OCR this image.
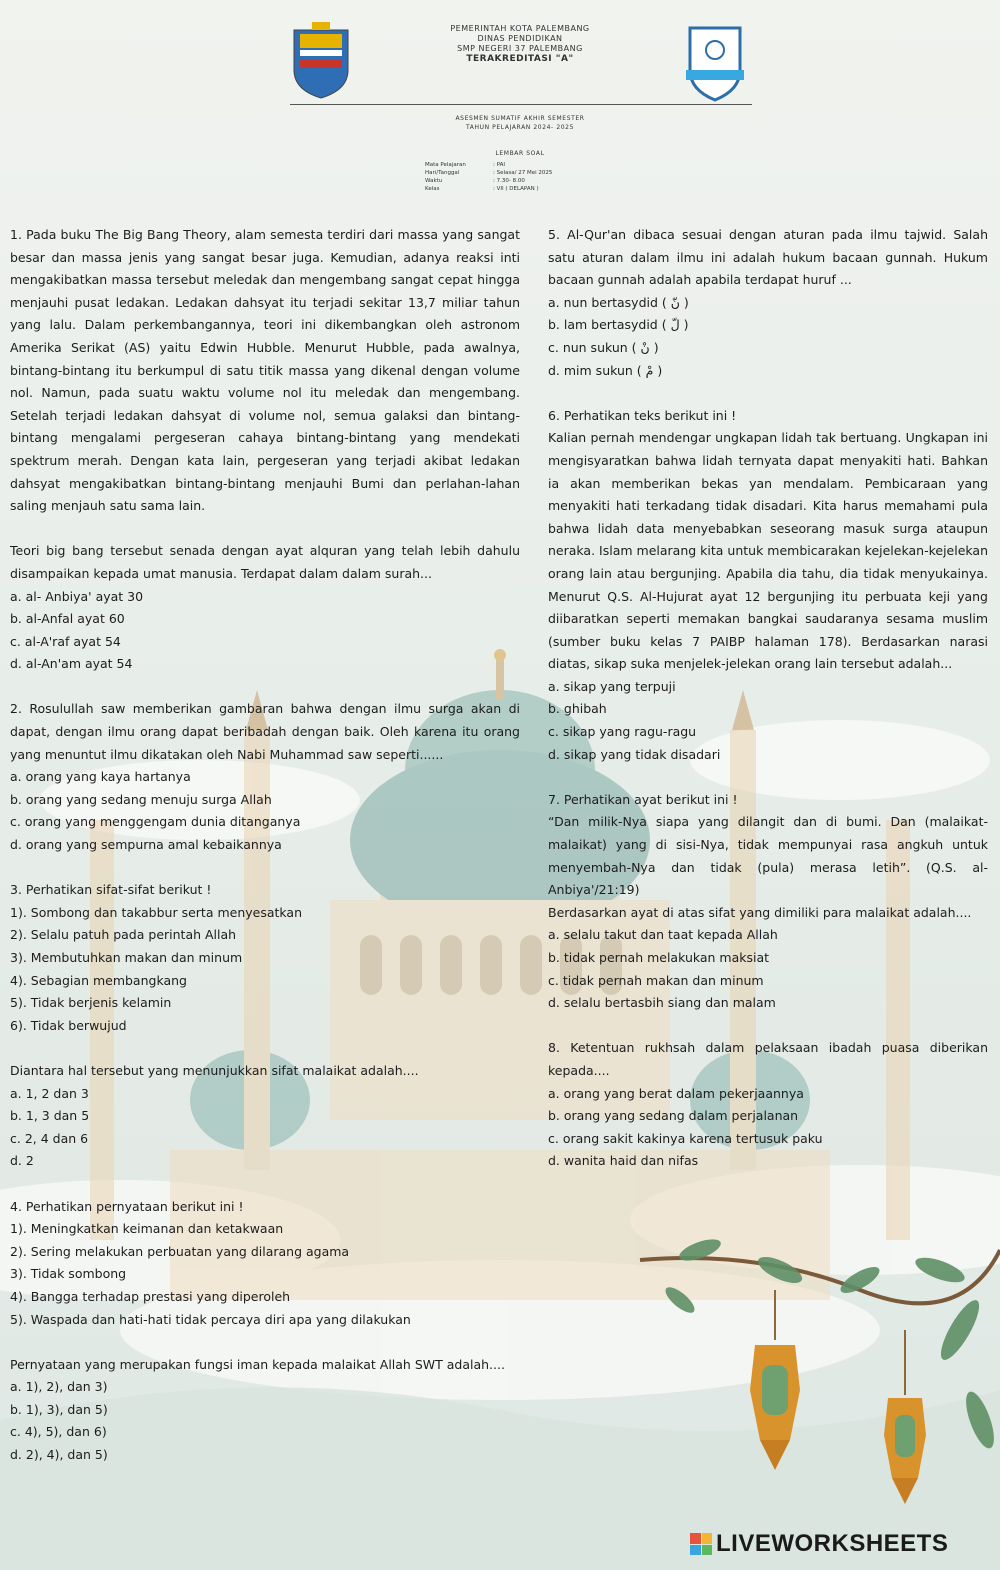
PEMERINTAH KOTA PALEMBANG
DINAS PENDIDIKAN
SMP NEGERI 37 PALEMBANG
TERAKREDITASI "A"

ASESMEN SUMATIF AKHIR SEMESTER
TAHUN PELAJARAN 2024- 2025
LEMBAR SOAL
Mata Pelajaran	: PAI
Hari/Tanggal	: Selasa/ 27 Mei 2025
Waktu	: 7.30- 8.00
Kelas	: VII ( DELAPAN )
1. Pada buku The Big Bang Theory, alam semesta terdiri dari massa yang sangat besar dan massa jenis yang sangat besar juga. Kemudian, adanya reaksi inti mengakibatkan massa tersebut meledak dan mengembang sangat cepat hingga menjauhi pusat ledakan. Ledakan dahsyat itu terjadi sekitar 13,7 miliar tahun yang lalu. Dalam perkembangannya, teori ini dikembangkan oleh astronom Amerika Serikat (AS) yaitu Edwin Hubble. Menurut Hubble, pada awalnya, bintang-bintang itu berkumpul di satu titik massa yang dikenal dengan volume nol. Namun, pada suatu waktu volume nol itu meledak dan mengembang. Setelah terjadi ledakan dahsyat di volume nol, semua galaksi dan bintang-bintang mengalami pergeseran cahaya bintang-bintang yang mendekati spektrum merah. Dengan kata lain, pergeseran yang terjadi akibat ledakan dahsyat mengakibatkan bintang-bintang menjauhi Bumi dan perlahan-lahan saling menjauh satu sama lain.
Teori big bang tersebut senada dengan ayat alquran yang telah lebih dahulu disampaikan kepada umat manusia. Terdapat dalam dalam surah...
a. al- Anbiya' ayat 30
b. al-Anfal ayat 60
c. al-A'raf ayat 54
d. al-An'am ayat 54
2. Rosulullah saw memberikan gambaran bahwa dengan ilmu surga akan di dapat, dengan ilmu orang dapat beribadah dengan baik. Oleh karena itu orang yang menuntut ilmu dikatakan oleh Nabi Muhammad saw seperti......
a. orang yang kaya hartanya
b. orang yang sedang menuju surga Allah
c. orang yang menggengam dunia ditanganya
d. orang yang sempurna amal kebaikannya
3. Perhatikan sifat-sifat berikut !
1). Sombong dan takabbur serta menyesatkan
2). Selalu patuh pada perintah Allah
3). Membutuhkan makan dan minum
4). Sebagian membangkang
5). Tidak berjenis kelamin
6). Tidak berwujud
Diantara hal tersebut yang menunjukkan sifat malaikat adalah....
a. 1, 2 dan 3
b. 1, 3 dan 5
c. 2, 4 dan 6
d. 2
4. Perhatikan pernyataan berikut ini !
1). Meningkatkan keimanan dan ketakwaan
2). Sering melakukan perbuatan yang dilarang agama
3). Tidak sombong
4). Bangga terhadap prestasi yang diperoleh
5). Waspada dan hati-hati tidak percaya diri apa yang dilakukan
Pernyataan yang merupakan fungsi iman kepada malaikat Allah SWT adalah....
a. 1), 2), dan 3)
b. 1), 3), dan 5)
c. 4), 5), dan 6)
d. 2), 4), dan 5)
5. Al-Qur'an dibaca sesuai dengan aturan pada ilmu tajwid. Salah satu aturan dalam ilmu ini adalah hukum bacaan gunnah. Hukum bacaan gunnah adalah apabila terdapat huruf ...
a. nun bertasydid ( نّ )
b. lam bertasydid ( لّ )
c. nun sukun ( نْ )
d. mim sukun ( مْ )
6. Perhatikan teks berikut ini !
Kalian pernah mendengar ungkapan lidah tak bertuang. Ungkapan ini mengisyaratkan bahwa lidah ternyata dapat menyakiti hati. Bahkan ia akan memberikan bekas yan mendalam. Pembicaraan yang menyakiti hati terkadang tidak disadari. Kita harus memahami pula bahwa lidah data menyebabkan seseorang masuk surga ataupun neraka. Islam melarang kita untuk membicarakan kejelekan-kejelekan orang lain atau bergunjing. Apabila dia tahu, dia tidak menyukainya. Menurut Q.S. Al-Hujurat ayat 12 bergunjing itu perbuata keji yang diibaratkan seperti memakan bangkai saudaranya sesama muslim (sumber buku kelas 7 PAIBP halaman 178). Berdasarkan narasi diatas, sikap suka menjelek-jelekan orang lain tersebut adalah...
a. sikap yang terpuji
b. ghibah
c. sikap yang ragu-ragu
d. sikap yang tidak disadari
7. Perhatikan ayat berikut ini !
“Dan milik-Nya siapa yang dilangit dan di bumi. Dan (malaikat-malaikat) yang di sisi-Nya, tidak mempunyai rasa angkuh untuk menyembah-Nya dan tidak (pula) merasa letih”. (Q.S. al-Anbiya'/21:19)
Berdasarkan ayat di atas sifat yang dimiliki para malaikat adalah....
a. selalu takut dan taat kepada Allah
b. tidak pernah melakukan maksiat
c. tidak pernah makan dan minum
d. selalu bertasbih siang dan malam
8. Ketentuan rukhsah dalam pelaksaan ibadah puasa diberikan kepada....
a. orang yang berat dalam pekerjaannya
b. orang yang sedang dalam perjalanan
c. orang sakit kakinya karena tertusuk paku
d. wanita haid dan nifas
LIVEWORKSHEETS
